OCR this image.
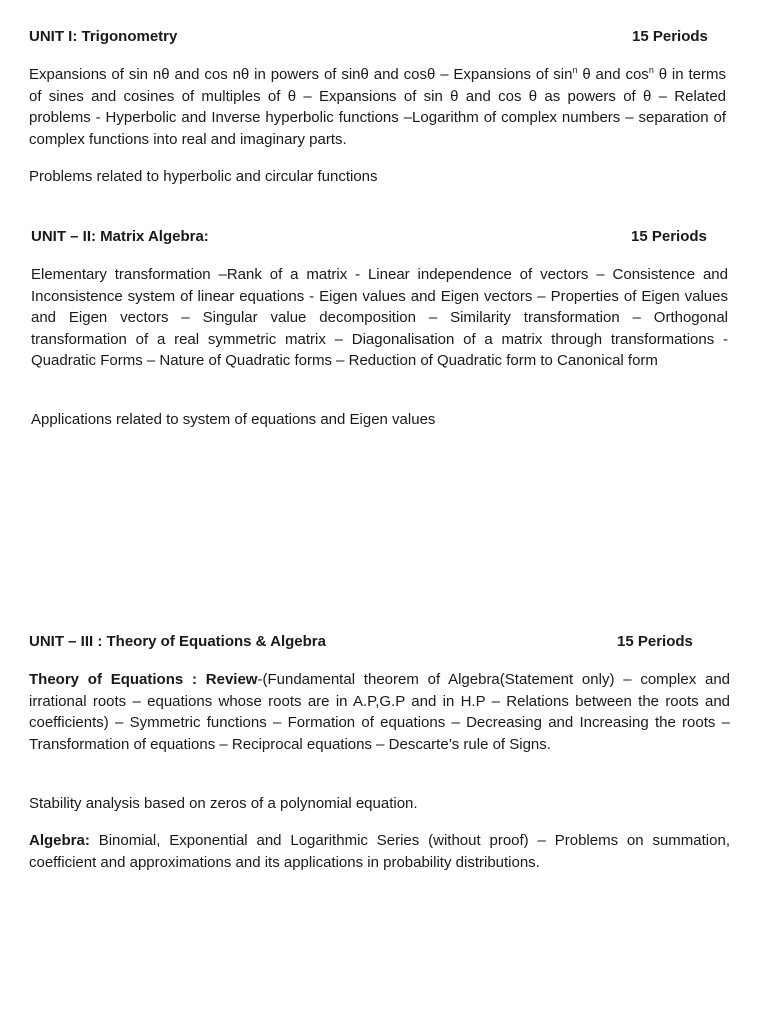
UNIT I: Trigonometry	15 Periods

Expansions of sin nθ and cos nθ in powers of sinθ and cosθ – Expansions of $\sin^n \theta$ and $\cos^n \theta$ in terms of sines and cosines of multiples of θ – Expansions of sin θ and cos θ as powers of θ – Related problems - Hyperbolic and Inverse hyperbolic functions –Logarithm of complex numbers – separation of complex functions into real and imaginary parts.

Problems related to hyperbolic and circular functions

UNIT – II: Matrix Algebra:	15 Periods

Elementary transformation –Rank of a matrix - Linear independence of vectors – Consistence and Inconsistence system of linear equations - Eigen values and Eigen vectors – Properties of Eigen values and Eigen vectors – Singular value decomposition – Similarity transformation – Orthogonal transformation of a real symmetric matrix – Diagonalisation of a matrix through transformations - Quadratic Forms – Nature of Quadratic forms – Reduction of Quadratic form to Canonical form

Applications related to system of equations and Eigen values

UNIT – III : Theory of Equations & Algebra	15 Periods

Theory of Equations : Review-(Fundamental theorem of Algebra(Statement only) – complex and irrational roots – equations whose roots are in A.P,G.P and in H.P – Relations between the roots and coefficients) – Symmetric functions – Formation of equations – Decreasing and Increasing the roots – Transformation of equations – Reciprocal equations – Descarte’s rule of Signs.

Stability analysis based on zeros of a polynomial equation.

Algebra: Binomial, Exponential and Logarithmic Series (without proof) – Problems on summation, coefficient and approximations and its applications in probability distributions.
